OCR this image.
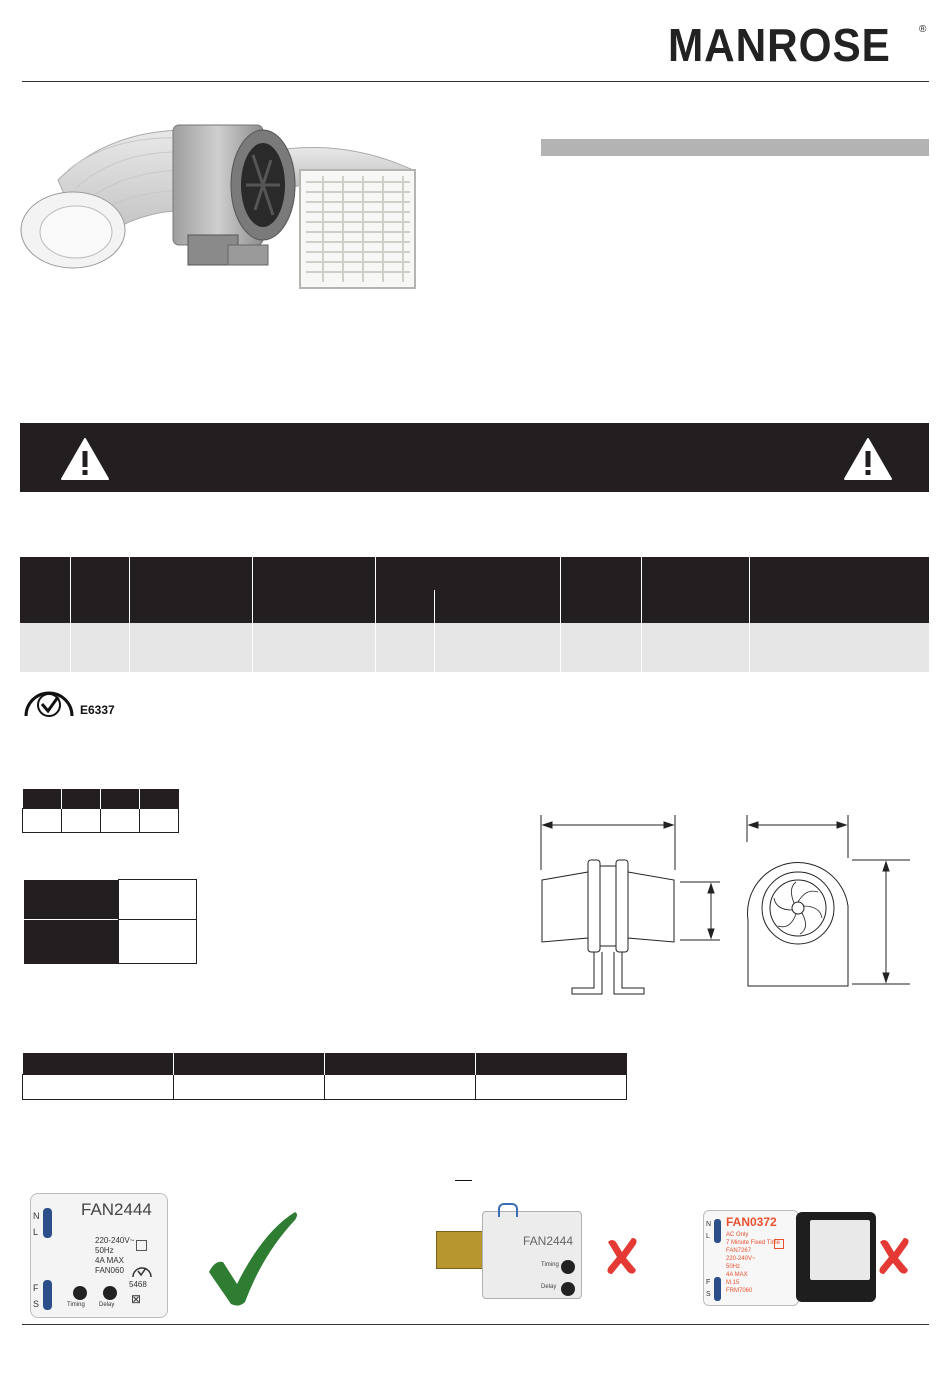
MANROSE	®

E6337

FAN2444
N
L
F
S
220-240V~
50Hz
4A MAX
FAN060
5468
⊠
Timing Delay
FAN2444
Timing
Delay
FAN0372
N
L
F
S
AC Only
7 Minute Fixed Time
FAN7267
220-240V~
50Hz
4A MAX
M.15
FRM7060
